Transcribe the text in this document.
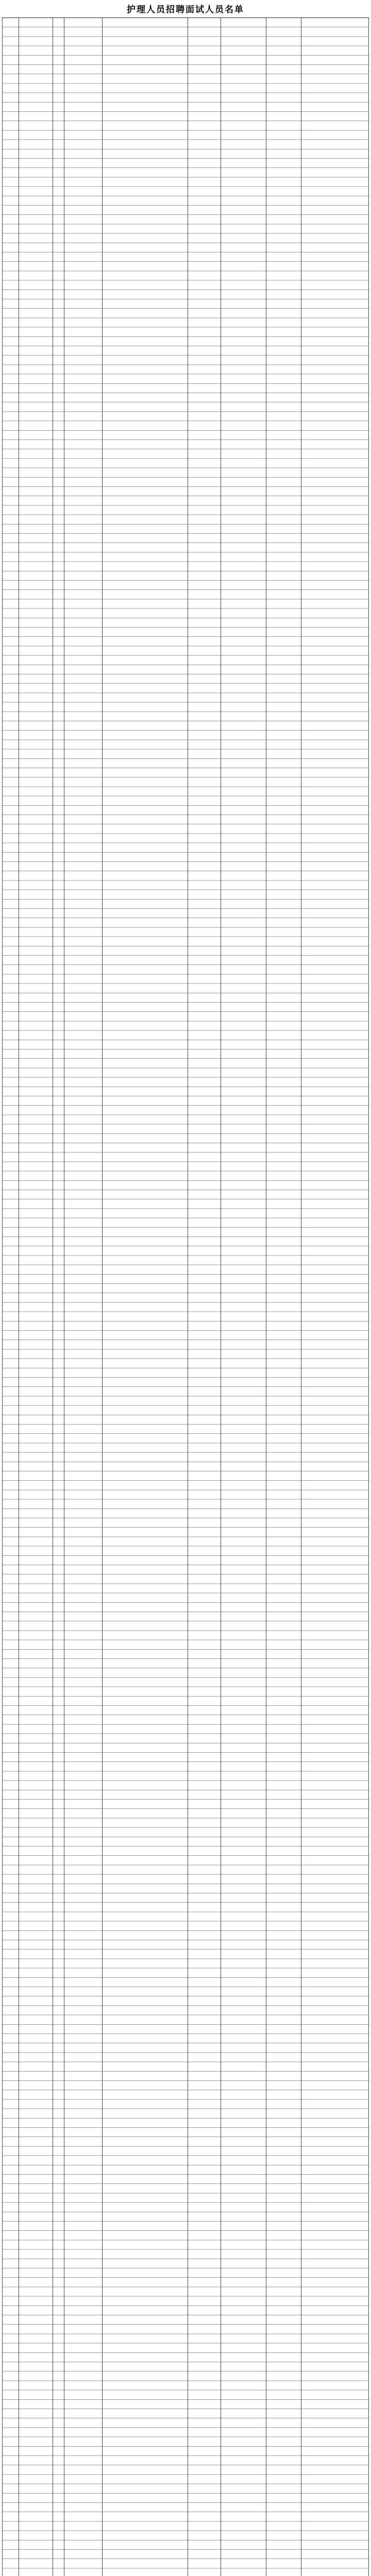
护理人员招聘面试人员名单
